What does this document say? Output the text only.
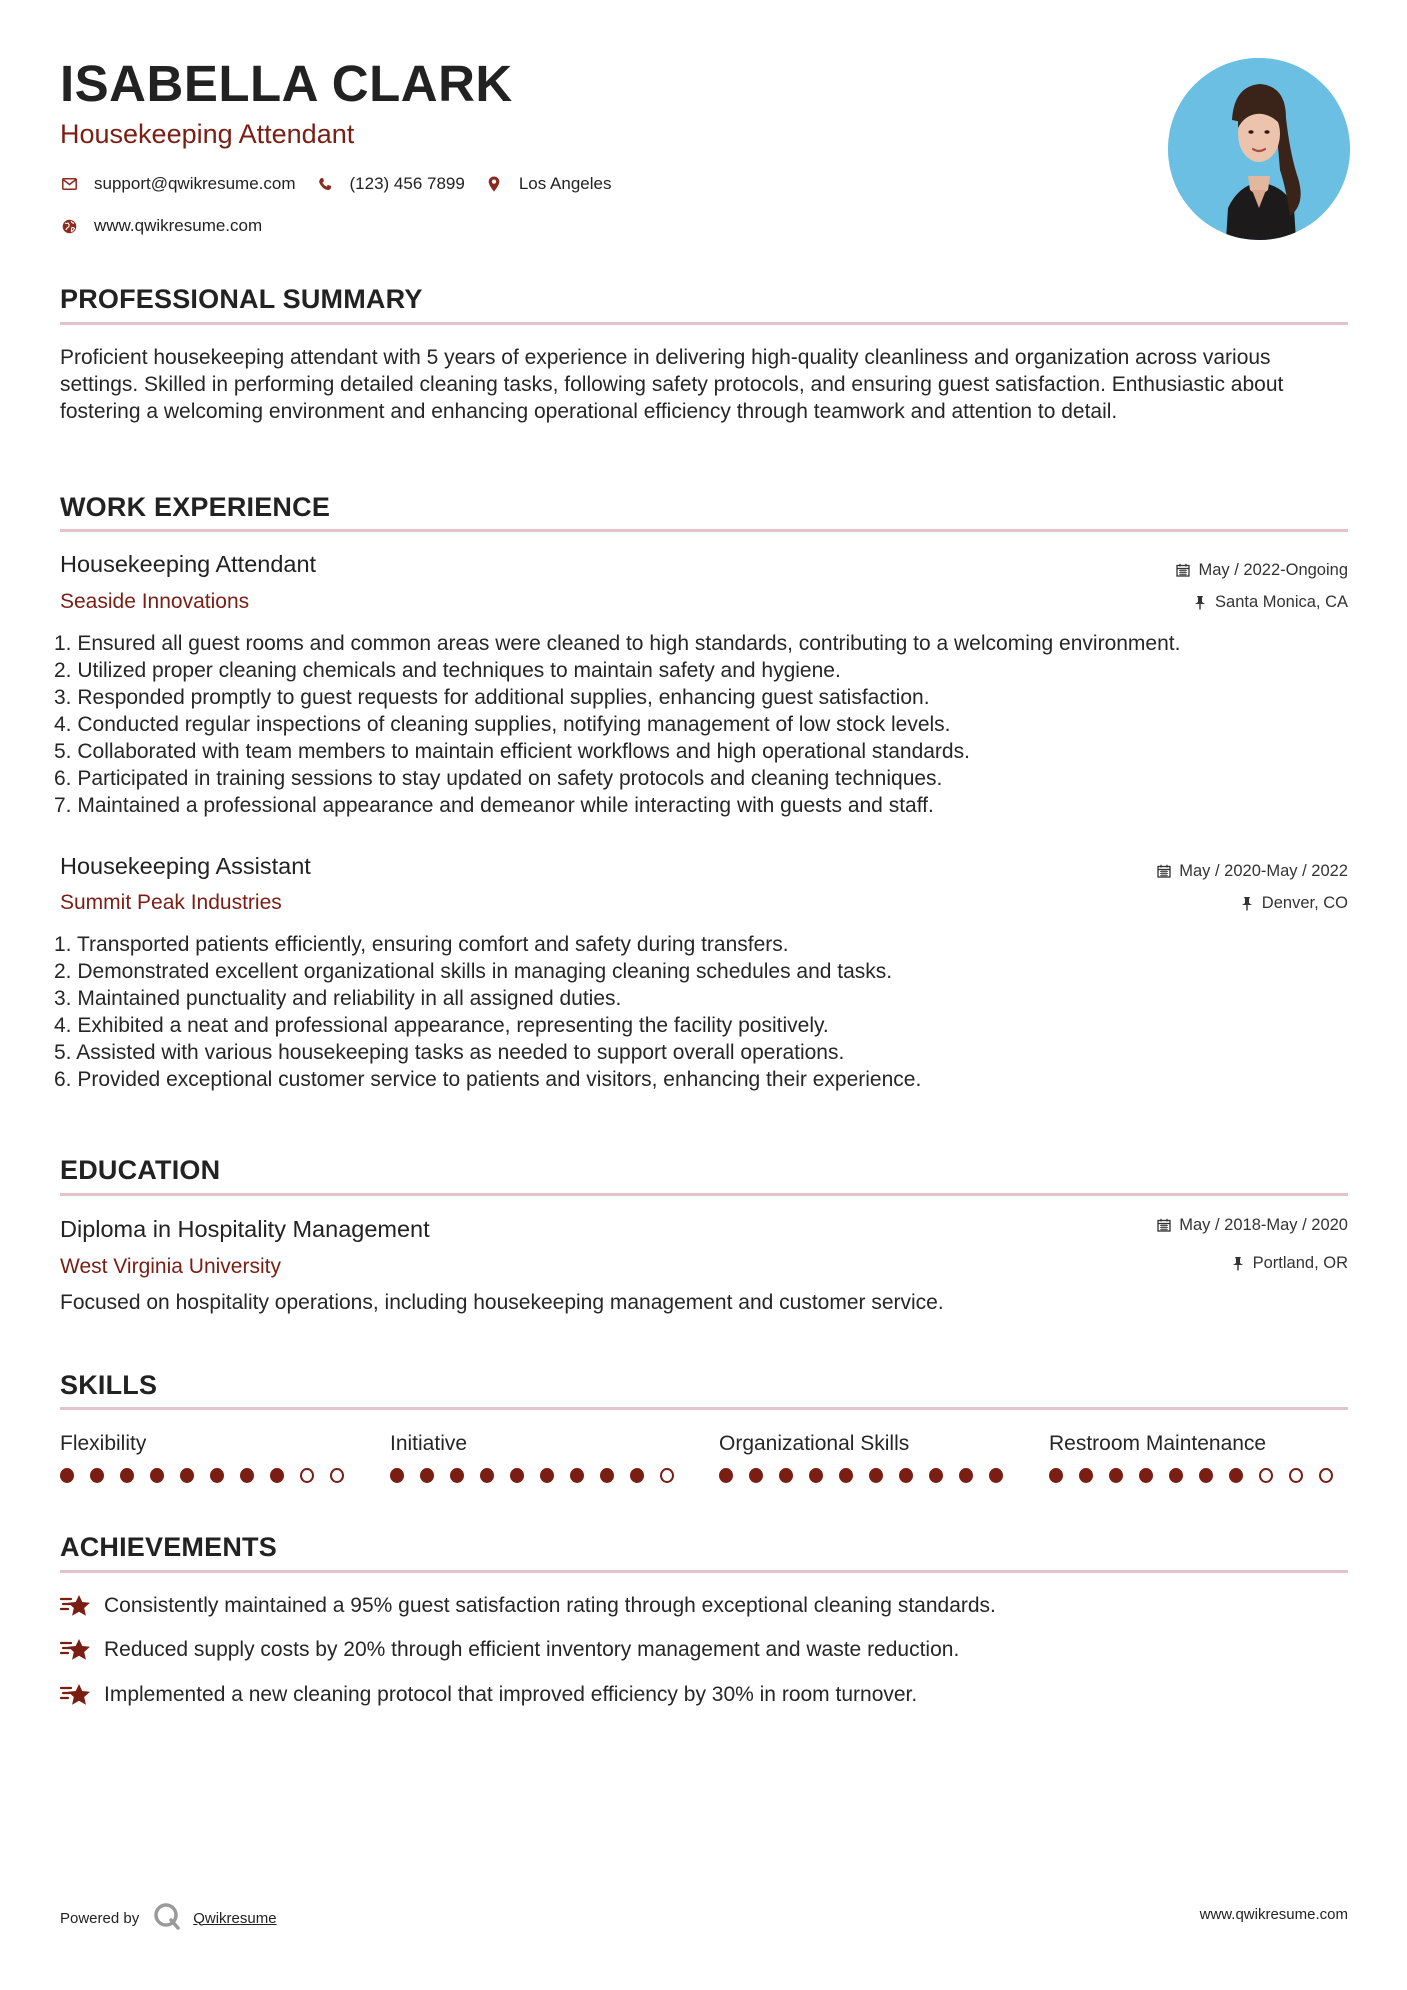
ISABELLA CLARK
Housekeeping Attendant
support@qwikresume.com	(123) 456 7899	Los Angeles
www.qwikresume.com
PROFESSIONAL SUMMARY
Proficient housekeeping attendant with 5 years of experience in delivering high-quality cleanliness and organization across various settings. Skilled in performing detailed cleaning tasks, following safety protocols, and ensuring guest satisfaction. Enthusiastic about fostering a welcoming environment and enhancing operational efficiency through teamwork and attention to detail.
WORK EXPERIENCE
Housekeeping Attendant
Seaside Innovations
May / 2022-Ongoing
Santa Monica, CA
1. Ensured all guest rooms and common areas were cleaned to high standards, contributing to a welcoming environment.
2. Utilized proper cleaning chemicals and techniques to maintain safety and hygiene.
3. Responded promptly to guest requests for additional supplies, enhancing guest satisfaction.
4. Conducted regular inspections of cleaning supplies, notifying management of low stock levels.
5. Collaborated with team members to maintain efficient workflows and high operational standards.
6. Participated in training sessions to stay updated on safety protocols and cleaning techniques.
7. Maintained a professional appearance and demeanor while interacting with guests and staff.
Housekeeping Assistant
Summit Peak Industries
May / 2020-May / 2022
Denver, CO
1. Transported patients efficiently, ensuring comfort and safety during transfers.
2. Demonstrated excellent organizational skills in managing cleaning schedules and tasks.
3. Maintained punctuality and reliability in all assigned duties.
4. Exhibited a neat and professional appearance, representing the facility positively.
5. Assisted with various housekeeping tasks as needed to support overall operations.
6. Provided exceptional customer service to patients and visitors, enhancing their experience.
EDUCATION
Diploma in Hospitality Management
West Virginia University
May / 2018-May / 2020
Portland, OR
Focused on hospitality operations, including housekeeping management and customer service.
SKILLS
Flexibility	Initiative	Organizational Skills	Restroom Maintenance
ACHIEVEMENTS
Consistently maintained a 95% guest satisfaction rating through exceptional cleaning standards.
Reduced supply costs by 20% through efficient inventory management and waste reduction.
Implemented a new cleaning protocol that improved efficiency by 30% in room turnover.
Powered by	Qwikresume	www.qwikresume.com
